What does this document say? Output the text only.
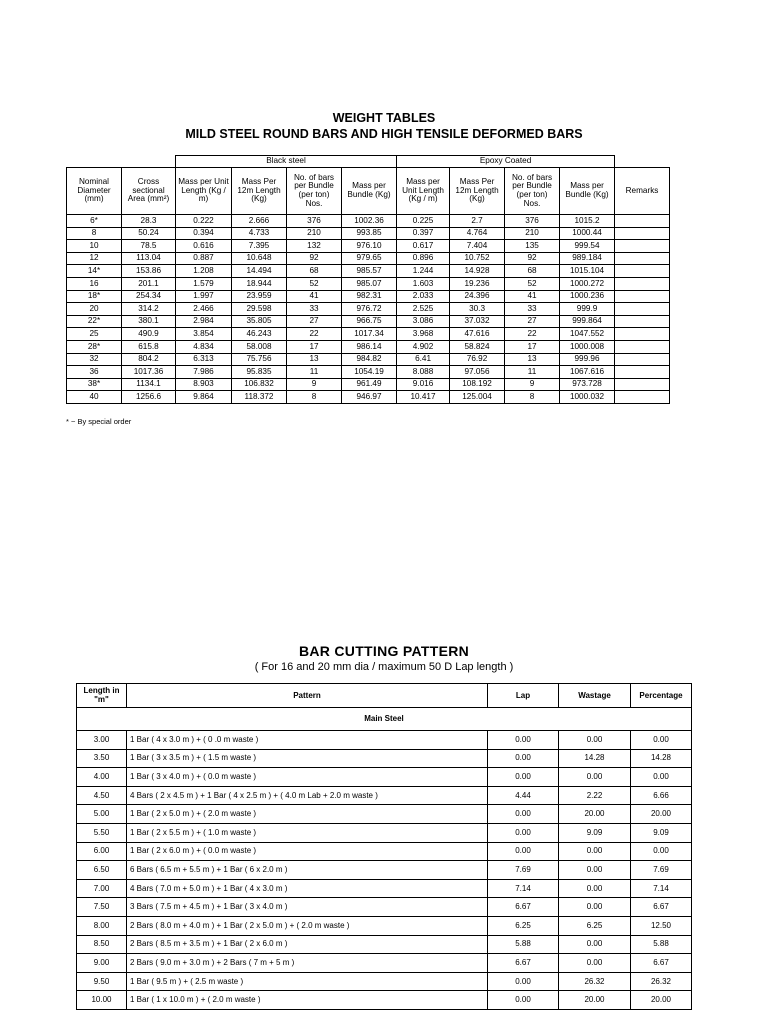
WEIGHT TABLES
MILD STEEL ROUND BARS AND HIGH TENSILE DEFORMED BARS
		Black steel				Epoxy Coated				
Nominal Diameter (mm)	Cross sectional Area (mm²)	Mass per Unit Length (Kg / m)	Mass Per 12m Length (Kg)	No. of bars per Bundle (per ton) Nos.	Mass per Bundle (Kg)	Mass per Unit Length (Kg / m)	Mass Per 12m Length (Kg)	No. of bars per Bundle (per ton) Nos.	Mass per Bundle (Kg)	Remarks
6*	28.3	0.222	2.666	376	1002.36	0.225	2.7	376	1015.2	
8	50.24	0.394	4.733	210	993.85	0.397	4.764	210	1000.44	
10	78.5	0.616	7.395	132	976.10	0.617	7.404	135	999.54	
12	113.04	0.887	10.648	92	979.65	0.896	10.752	92	989.184	
14*	153.86	1.208	14.494	68	985.57	1.244	14.928	68	1015.104	
16	201.1	1.579	18.944	52	985.07	1.603	19.236	52	1000.272	
18*	254.34	1.997	23.959	41	982.31	2.033	24.396	41	1000.236	
20	314.2	2.466	29.598	33	976.72	2.525	30.3	33	999.9	
22*	380.1	2.984	35.805	27	966.75	3.086	37.032	27	999.864	
25	490.9	3.854	46.243	22	1017.34	3.968	47.616	22	1047.552	
28*	615.8	4.834	58.008	17	986.14	4.902	58.824	17	1000.008	
32	804.2	6.313	75.756	13	984.82	6.41	76.92	13	999.96	
36	1017.36	7.986	95.835	11	1054.19	8.088	97.056	11	1067.616	
38*	1134.1	8.903	106.832	9	961.49	9.016	108.192	9	973.728	
40	1256.6	9.864	118.372	8	946.97	10.417	125.004	8	1000.032	
* ~ By special order
BAR CUTTING PATTERN
( For 16 and 20 mm dia / maximum 50 D Lap length )
Length in "m"	Pattern	Lap	Wastage	Percentage
Main Steel				
3.00	1 Bar ( 4 x 3.0 m ) + ( 0 .0 m waste )	0.00	0.00	0.00
3.50	1 Bar ( 3 x 3.5 m ) + ( 1.5 m waste )	0.00	14.28	14.28
4.00	1 Bar ( 3 x 4.0 m ) + ( 0.0 m waste )	0.00	0.00	0.00
4.50	4 Bars ( 2 x 4.5 m ) + 1 Bar ( 4 x 2.5 m ) + ( 4.0 m Lab + 2.0 m waste )	4.44	2.22	6.66
5.00	1 Bar ( 2 x 5.0 m ) + ( 2.0 m waste )	0.00	20.00	20.00
5.50	1 Bar ( 2 x 5.5 m ) + ( 1.0 m waste )	0.00	9.09	9.09
6.00	1 Bar ( 2 x 6.0 m ) + ( 0.0 m waste )	0.00	0.00	0.00
6.50	6 Bars ( 6.5 m + 5.5 m ) + 1 Bar ( 6 x 2.0 m )	7.69	0.00	7.69
7.00	4 Bars ( 7.0 m + 5.0 m ) + 1 Bar ( 4 x 3.0 m )	7.14	0.00	7.14
7.50	3 Bars ( 7.5 m + 4.5 m ) + 1 Bar ( 3 x 4.0 m )	6.67	0.00	6.67
8.00	2 Bars ( 8.0 m + 4.0 m ) + 1 Bar ( 2 x 5.0 m ) + ( 2.0 m waste )	6.25	6.25	12.50
8.50	2 Bars ( 8.5 m + 3.5 m ) + 1 Bar ( 2 x 6.0 m )	5.88	0.00	5.88
9.00	2 Bars ( 9.0 m + 3.0 m ) + 2 Bars ( 7 m + 5 m )	6.67	0.00	6.67
9.50	1 Bar ( 9.5 m ) + ( 2.5 m waste )	0.00	26.32	26.32
10.00	1 Bar ( 1 x 10.0 m ) + ( 2.0 m waste )	0.00	20.00	20.00
